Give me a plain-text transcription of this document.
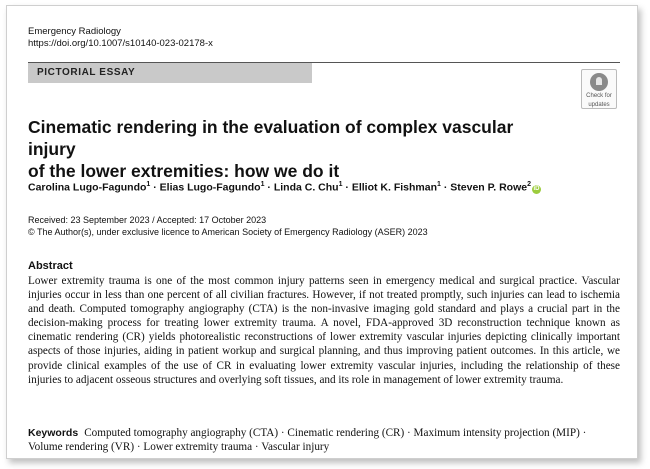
Emergency Radiology
https://doi.org/10.1007/s10140-023-02178-x
PICTORIAL ESSAY
Check for
updates
Cinematic rendering in the evaluation of complex vascular injury
of the lower extremities: how we do it
Carolina Lugo-Fagundo$^1$ · Elias Lugo-Fagundo$^1$ · Linda C. Chu$^1$ · Elliot K. Fishman$^1$ · Steven P. Rowe$^2$iD
Received: 23 September 2023 / Accepted: 17 October 2023
© The Author(s), under exclusive licence to American Society of Emergency Radiology (ASER) 2023
Abstract

Lower extremity trauma is one of the most common injury patterns seen in emergency medical and surgical practice. Vascular injuries occur in less than one percent of all civilian fractures. However, if not treated promptly, such injuries can lead to ischemia and death. Computed tomography angiography (CTA) is the non-invasive imaging gold standard and plays a crucial part in the decision-making process for treating lower extremity trauma. A novel, FDA-approved 3D reconstruction technique known as cinematic rendering (CR) yields photorealistic reconstructions of lower extremity vascular injuries depicting clinically important aspects of those injuries, aiding in patient workup and surgical planning, and thus improving patient outcomes. In this article, we provide clinical examples of the use of CR in evaluating lower extremity vascular injuries, including the relationship of these injuries to adjacent osseous structures and overlying soft tissues, and its role in management of lower extremity trauma.

Keywords Computed tomography angiography (CTA) · Cinematic rendering (CR) · Maximum intensity projection (MIP) · Volume rendering (VR) · Lower extremity trauma · Vascular injury
